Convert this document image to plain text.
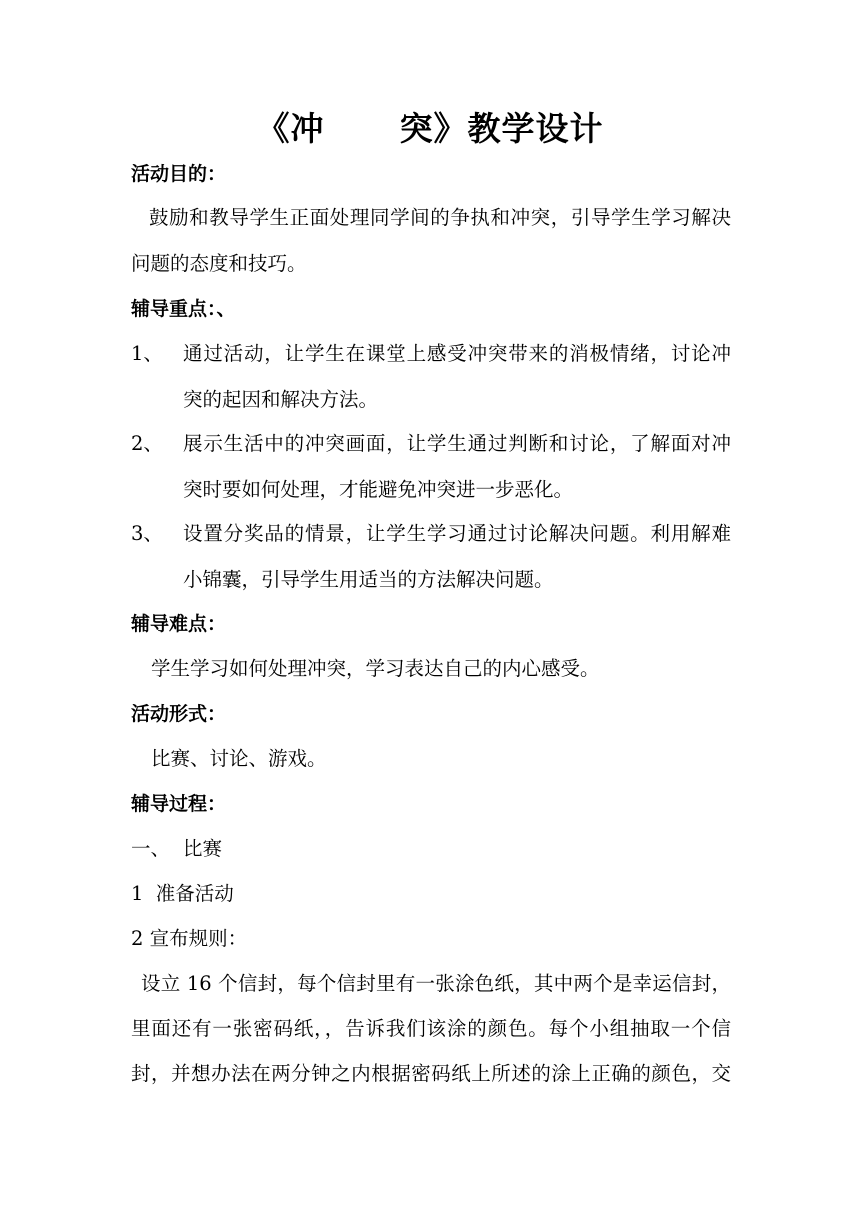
《冲      突》教学设计
活动目的：
鼓励和教导学生正面处理同学间的争执和冲突，引导学生学习解决
问题的态度和技巧。
辅导重点：、
1、 通过活动，让学生在课堂上感受冲突带来的消极情绪，讨论冲
突的起因和解决方法。
2、 展示生活中的冲突画面，让学生通过判断和讨论，了解面对冲
突时要如何处理，才能避免冲突进一步恶化。
3、 设置分奖品的情景，让学生学习通过讨论解决问题。利用解难
小锦囊，引导学生用适当的方法解决问题。
辅导难点：
学生学习如何处理冲突，学习表达自己的内心感受。
活动形式：
比赛、讨论、游戏。
辅导过程：
一、 比赛
1  准备活动
2 宣布规则：
设立 16 个信封，每个信封里有一张涂色纸，其中两个是幸运信封，
里面还有一张密码纸，，告诉我们该涂的颜色。每个小组抽取一个信
封，并想办法在两分钟之内根据密码纸上所述的涂上正确的颜色，交
